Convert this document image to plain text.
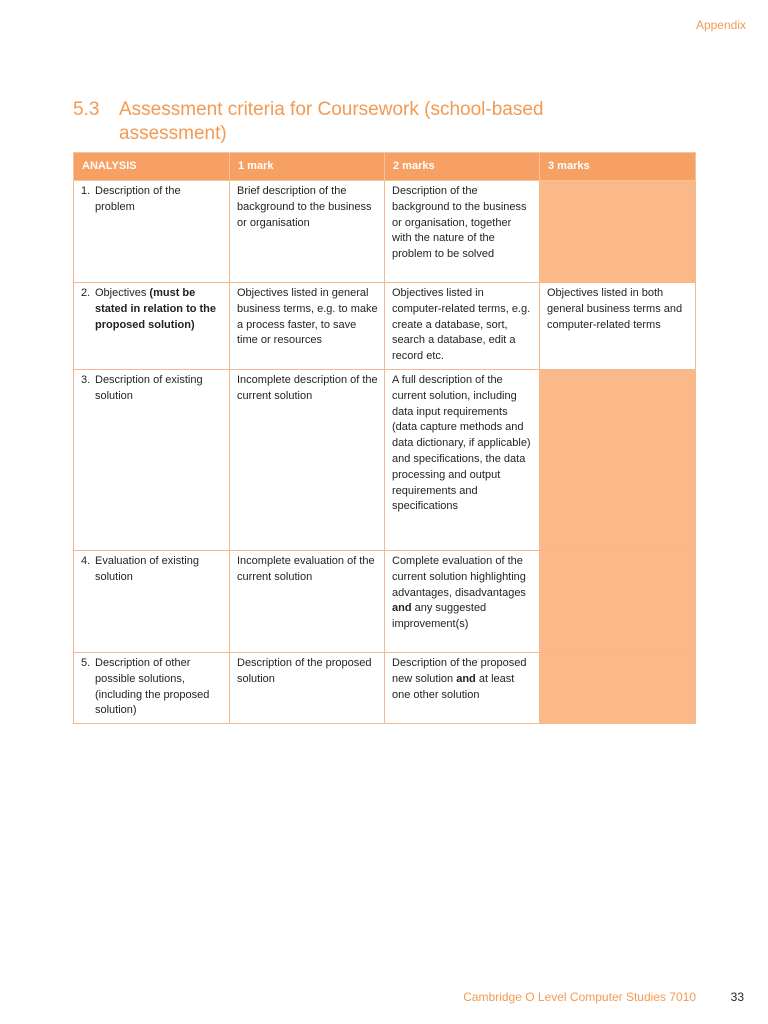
Appendix
5.3	Assessment criteria for Coursework (school-based assessment)
ANALYSIS	1 mark	2 marks	3 marks

1. Description of the problem	Brief description of the background to the business or organisation	Description of the background to the business or organisation, together with the nature of the problem to be solved	

2. Objectives (must be stated in relation to the proposed solution)	Objectives listed in general business terms, e.g. to make a process faster, to save time or resources	Objectives listed in computer-related terms, e.g. create a database, sort, search a database, edit a record etc.	Objectives listed in both general business terms and computer-related terms

3. Description of existing solution	Incomplete description of the current solution	A full description of the current solution, including data input requirements (data capture methods and data dictionary, if applicable) and specifications, the data processing and output requirements and specifications	

4. Evaluation of existing solution	Incomplete evaluation of the current solution	Complete evaluation of the current solution highlighting advantages, disadvantages and any suggested improvement(s)	

5. Description of other possible solutions, (including the proposed solution)	Description of the proposed solution	Description of the proposed new solution and at least one other solution	
Cambridge O Level Computer Studies 7010	33
